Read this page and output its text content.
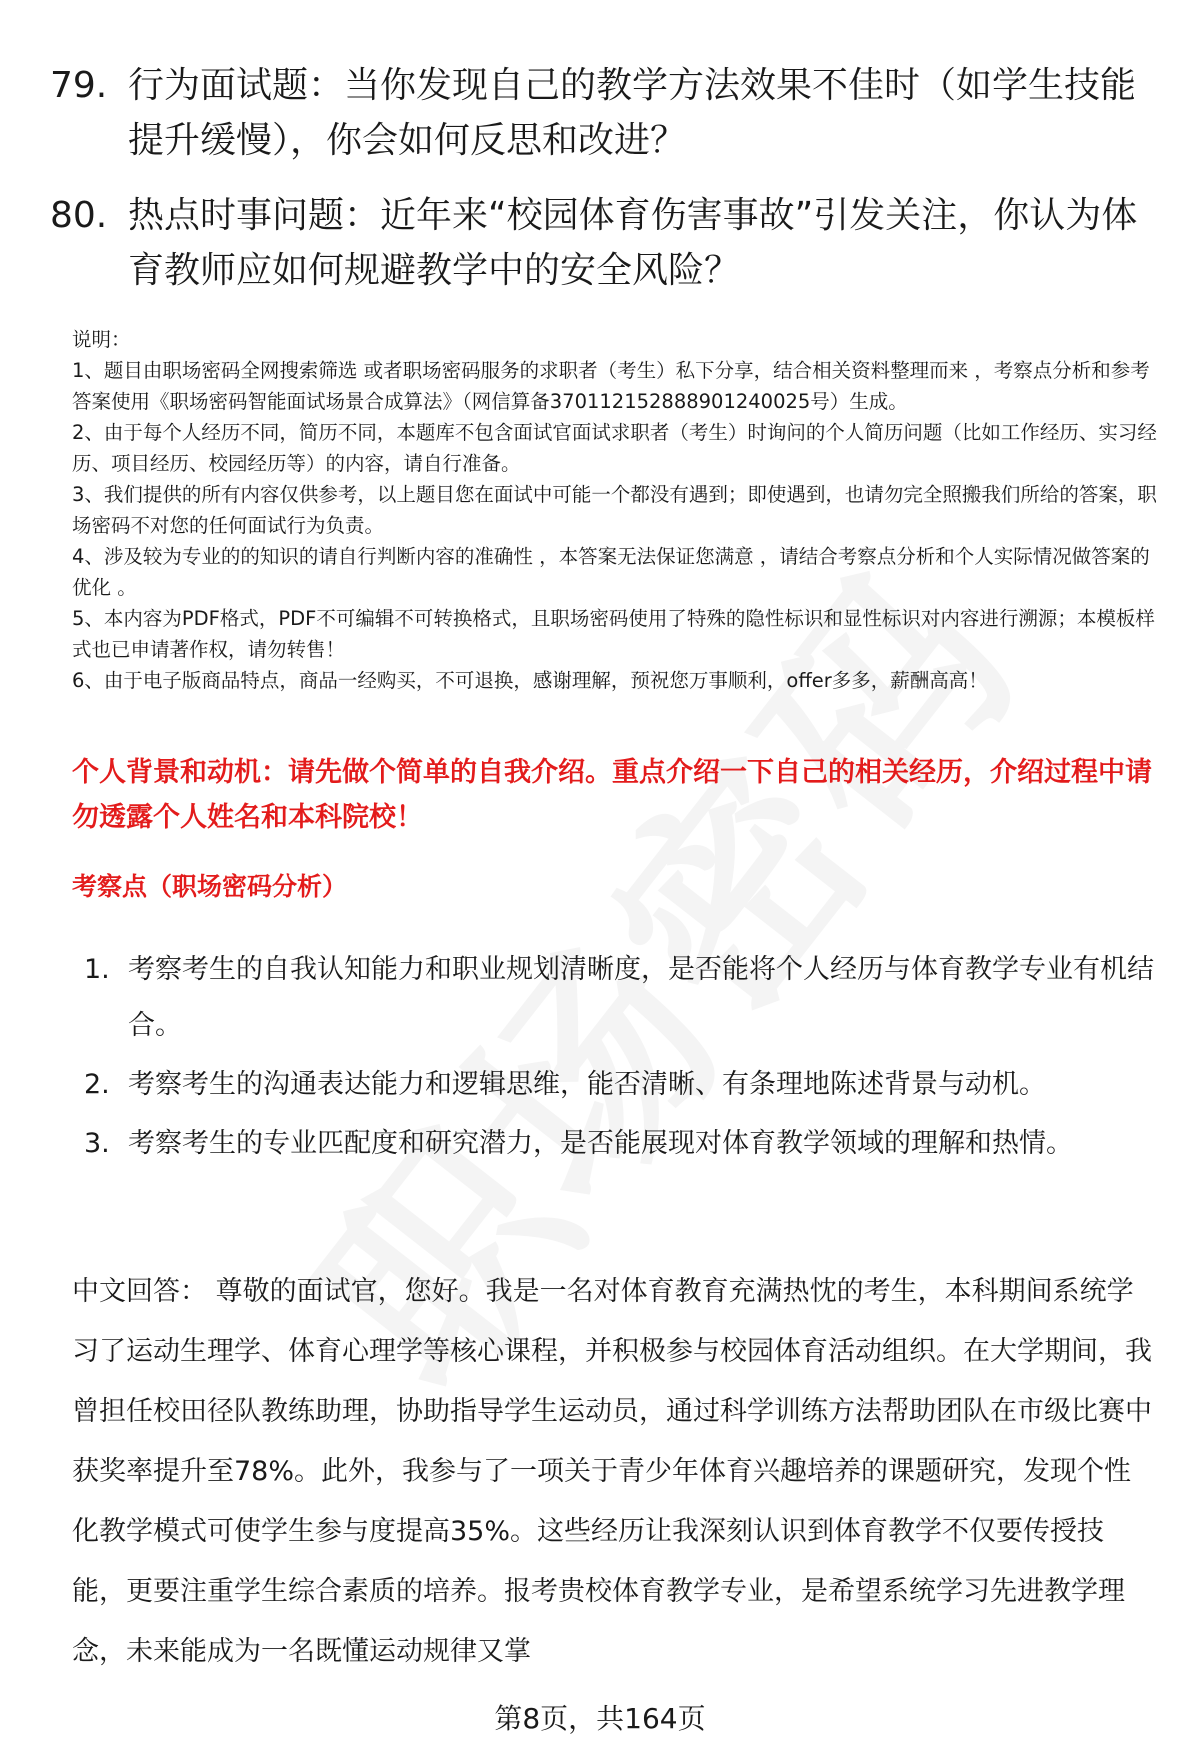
79. 行为面试题：当你发现自己的教学方法效果不佳时（如学生技能提升缓慢），你会如何反思和改进？
80. 热点时事问题：近年来“校园体育伤害事故”引发关注，你认为体育教师应如何规避教学中的安全风险？
说明：
1、题目由职场密码全网搜索筛选 或者职场密码服务的求职者（考生）私下分享，结合相关资料整理而来 ，考察点分析和参考答案使用《职场密码智能面试场景合成算法》（网信算备370112152888901240025号）生成。
2、由于每个人经历不同，简历不同，本题库不包含面试官面试求职者（考生）时询问的个人简历问题（比如工作经历、实习经历、项目经历、校园经历等）的内容，请自行准备。
3、我们提供的所有内容仅供参考，以上题目您在面试中可能一个都没有遇到；即使遇到，也请勿完全照搬我们所给的答案，职场密码不对您的任何面试行为负责。
4、涉及较为专业的的知识的请自行判断内容的准确性 ，本答案无法保证您满意 ，请结合考察点分析和个人实际情况做答案的优化 。
5、本内容为PDF格式，PDF不可编辑不可转换格式，且职场密码使用了特殊的隐性标识和显性标识对内容进行溯源；本模板样式也已申请著作权，请勿转售！
6、由于电子版商品特点，商品一经购买，不可退换，感谢理解，预祝您万事顺利，offer多多，薪酬高高！
个人背景和动机：请先做个简单的自我介绍。重点介绍一下自己的相关经历，介绍过程中请勿透露个人姓名和本科院校！
考察点（职场密码分析）
1. 考察考生的自我认知能力和职业规划清晰度，是否能将个人经历与体育教学专业有机结合。
2. 考察考生的沟通表达能力和逻辑思维，能否清晰、有条理地陈述背景与动机。
3. 考察考生的专业匹配度和研究潜力，是否能展现对体育教学领域的理解和热情。
中文回答： 尊敬的面试官，您好。我是一名对体育教育充满热忱的考生，本科期间系统学习了运动生理学、体育心理学等核心课程，并积极参与校园体育活动组织。在大学期间，我曾担任校田径队教练助理，协助指导学生运动员，通过科学训练方法帮助团队在市级比赛中获奖率提升至78%。此外，我参与了一项关于青少年体育兴趣培养的课题研究，发现个性化教学模式可使学生参与度提高35%。这些经历让我深刻认识到体育教学不仅要传授技能，更要注重学生综合素质的培养。报考贵校体育教学专业，是希望系统学习先进教学理念，未来能成为一名既懂运动规律又掌
第8页，共164页
